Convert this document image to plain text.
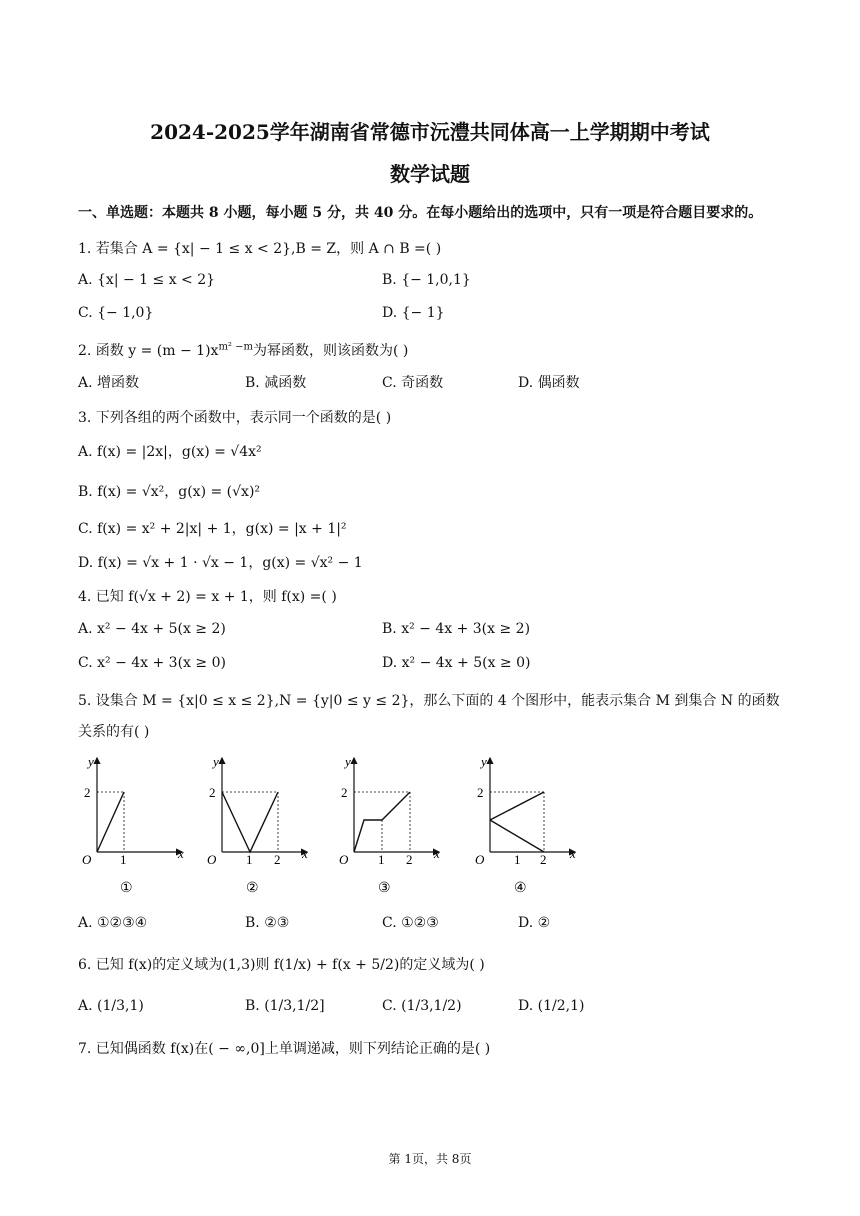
2024-2025学年湖南省常德市沅澧共同体高一上学期期中考试
数学试题
一、单选题：本题共 8 小题，每小题 5 分，共 40 分。在每小题给出的选项中，只有一项是符合题目要求的。
1. 若集合 A = {x| − 1 ≤ x < 2},B = Z，则 A ∩ B =( )
A. {x| − 1 ≤ x < 2}	B. {− 1,0,1}
C. {− 1,0}	D. {− 1}
2. 函数 $y = (m - 1)x^{m^2 -m}$为幂函数，则该函数为( )
A. 增函数	B. 减函数	C. 奇函数	D. 偶函数
3. 下列各组的两个函数中，表示同一个函数的是( )
A. f(x) = |2x|，g(x) = √4x²
B. f(x) = √x²，g(x) = (√x)²
C. f(x) = x² + 2|x| + 1，g(x) = |x + 1|²
D. f(x) = √x + 1 · √x − 1，g(x) = √x² − 1
4. 已知 f(√x + 2) = x + 1，则 f(x) =( )
A. x² − 4x + 5(x ≥ 2)	B. x² − 4x + 3(x ≥ 2)
C. x² − 4x + 3(x ≥ 0)	D. x² − 4x + 5(x ≥ 0)
5. 设集合 M = {x|0 ≤ x ≤ 2},N = {y|0 ≤ y ≤ 2}，那么下面的 4 个图形中，能表示集合 M 到集合 N 的函数
关系的有( )
y
x
O
2
1
①
y
x
O
2
1 2
②
y
x
O
2
1 2
③
y
x
O
2
1 2
④
A. ①②③④	B. ②③	C. ①②③	D. ②
6. 已知 f(x)的定义域为(1,3)则 f(1/x) + f(x + 5/2)的定义域为( )
A. (1/3,1)	B. (1/3,1/2]	C. (1/3,1/2)	D. (1/2,1)
7. 已知偶函数 f(x)在( − ∞,0]上单调递减，则下列结论正确的是( )
第 1页，共 8页
